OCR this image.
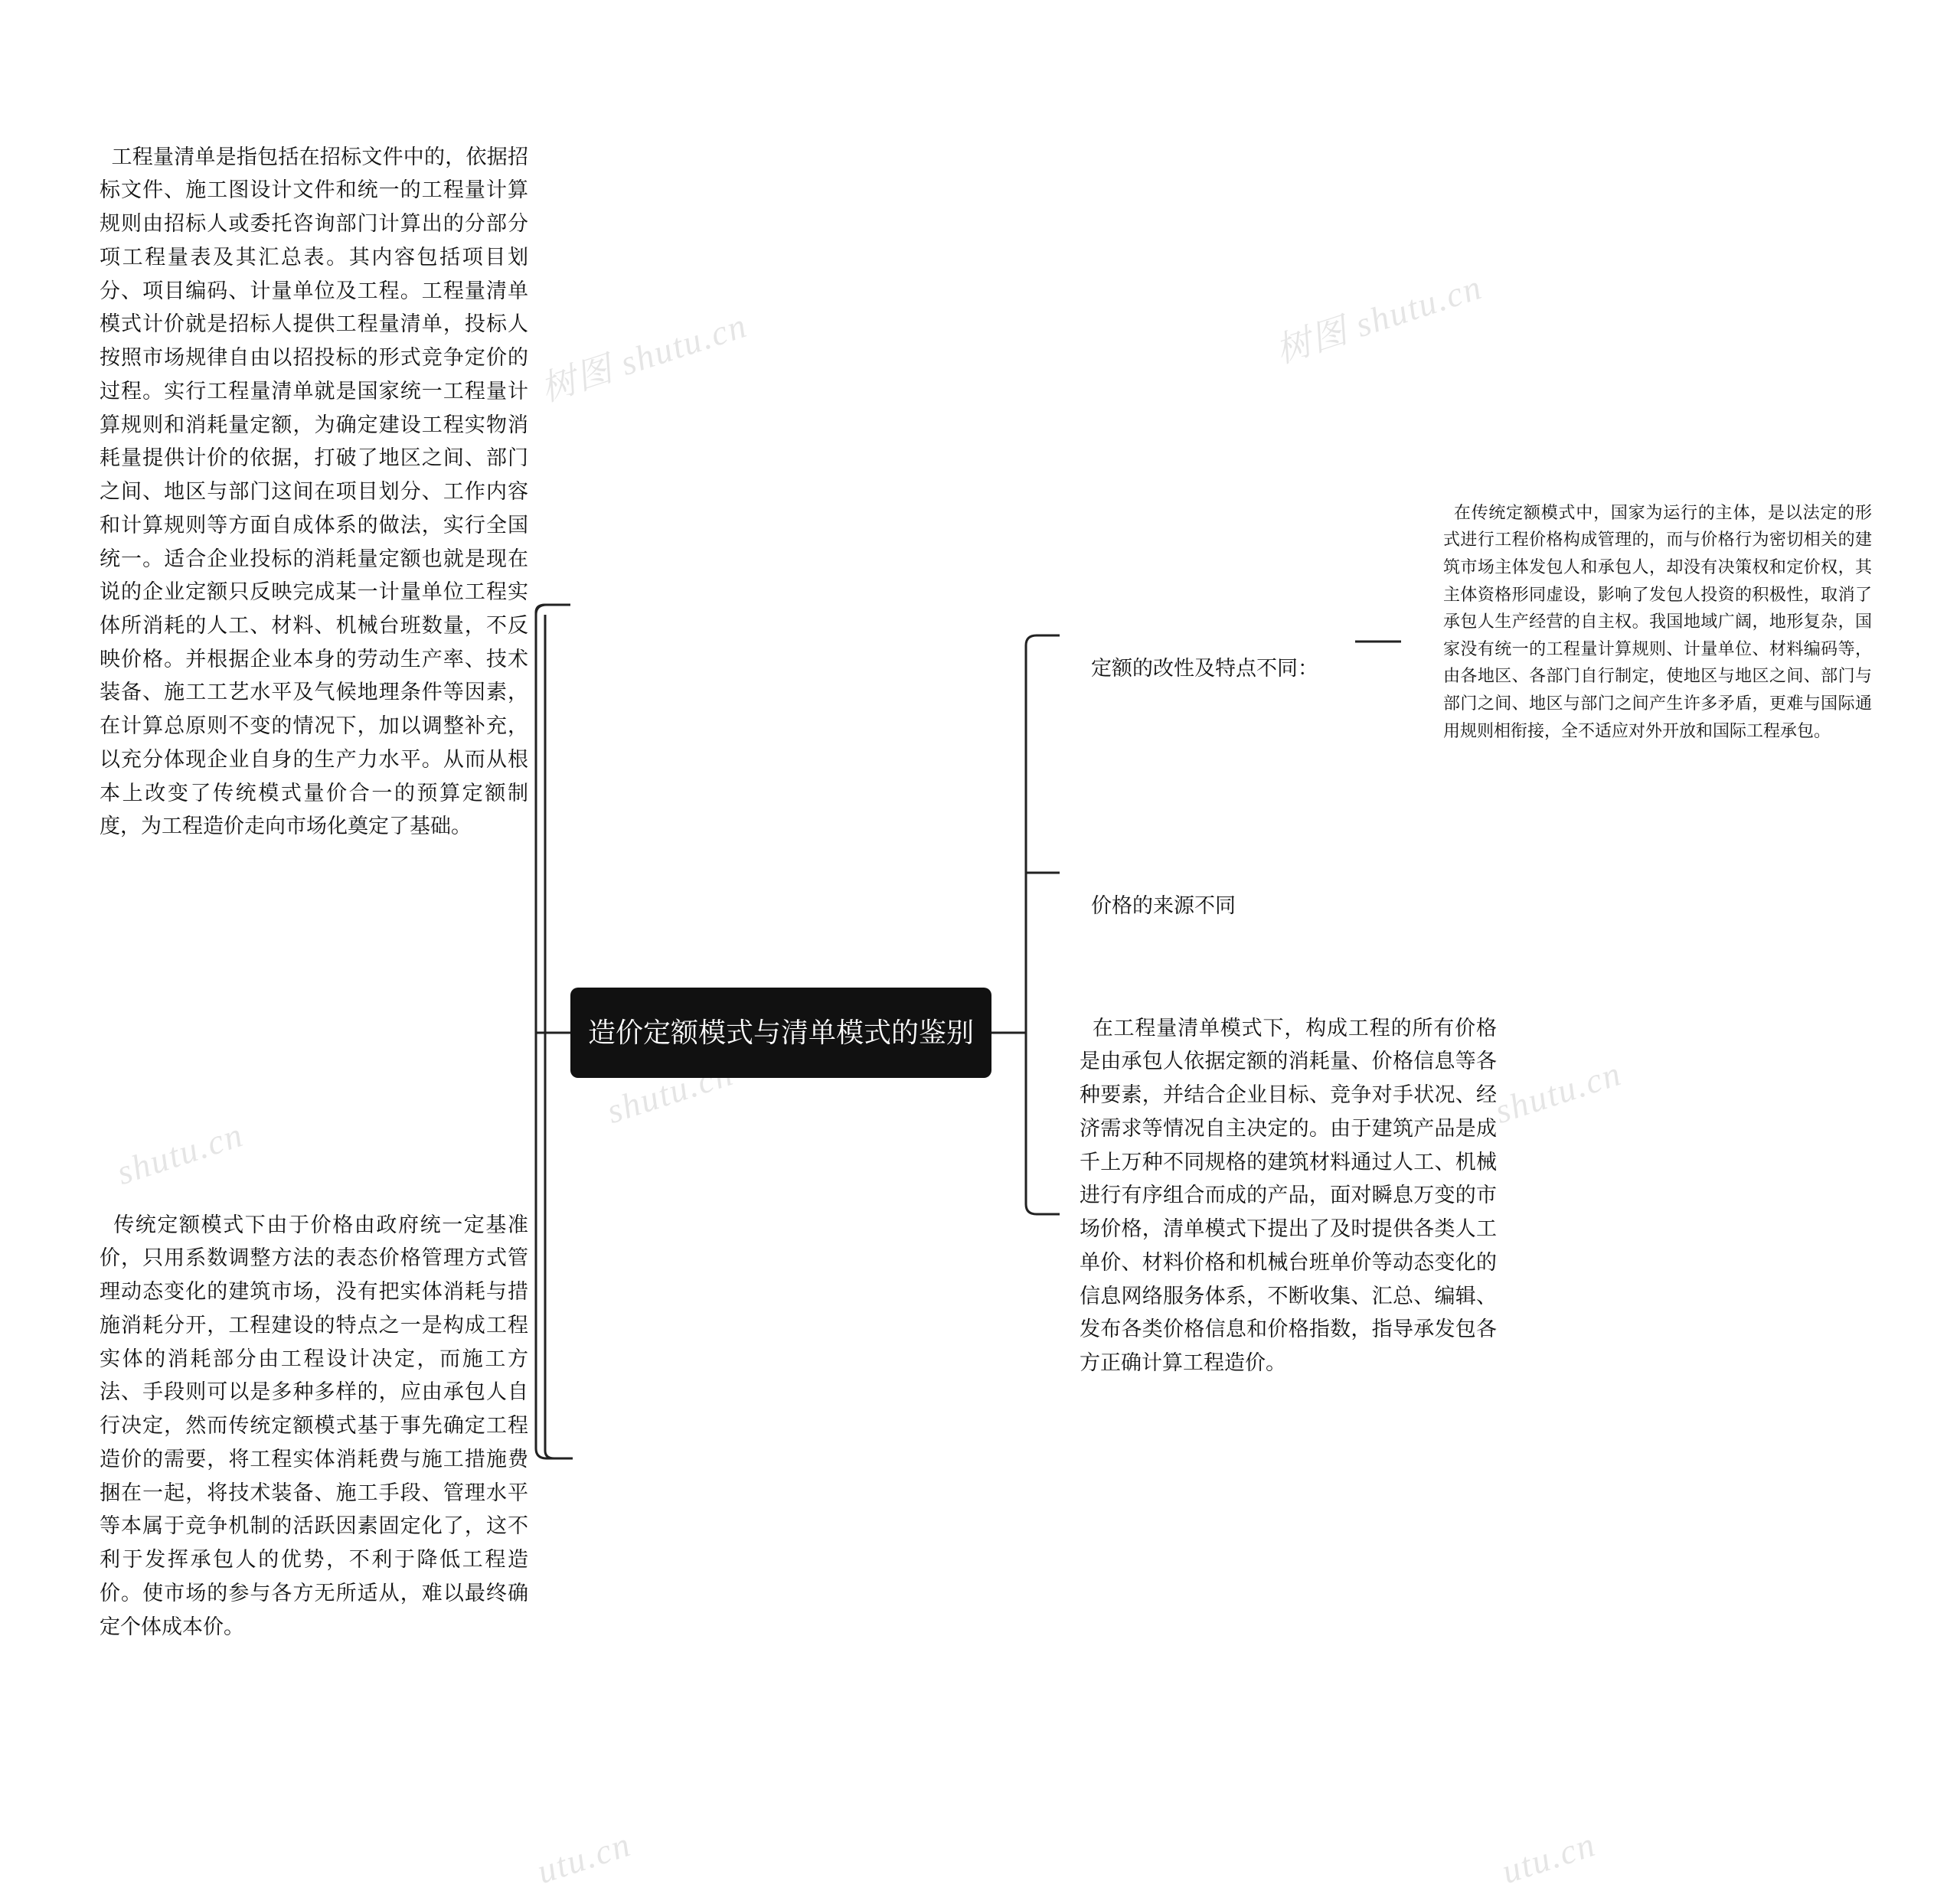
树图 shutu.cn	树图 shutu.cn
shutu.cn
shutu.cn	shutu.cn
utu.cn	utu.cn
造价定额模式与清单模式的鉴别

工程量清单是指包括在招标文件中的，依据招标文件、施工图设计文件和统一的工程量计算规则由招标人或委托咨询部门计算出的分部分项工程量表及其汇总表。其内容包括项目划分、项目编码、计量单位及工程。工程量清单模式计价就是招标人提供工程量清单，投标人按照市场规律自由以招投标的形式竞争定价的过程。实行工程量清单就是国家统一工程量计算规则和消耗量定额，为确定建设工程实物消耗量提供计价的依据，打破了地区之间、部门之间、地区与部门这间在项目划分、工作内容和计算规则等方面自成体系的做法，实行全国统一。适合企业投标的消耗量定额也就是现在说的企业定额只反映完成某一计量单位工程实体所消耗的人工、材料、机械台班数量，不反映价格。并根据企业本身的劳动生产率、技术装备、施工工艺水平及气候地理条件等因素，在计算总原则不变的情况下，加以调整补充，以充分体现企业自身的生产力水平。从而从根本上改变了传统模式量价合一的预算定额制度，为工程造价走向市场化奠定了基础。

传统定额模式下由于价格由政府统一定基准价，只用系数调整方法的表态价格管理方式管理动态变化的建筑市场，没有把实体消耗与措施消耗分开，工程建设的特点之一是构成工程实体的消耗部分由工程设计决定，而施工方法、手段则可以是多种多样的，应由承包人自行决定，然而传统定额模式基于事先确定工程造价的需要，将工程实体消耗费与施工措施费捆在一起，将技术装备、施工手段、管理水平等本属于竞争机制的活跃因素固定化了，这不利于发挥承包人的优势，不利于降低工程造价。使市场的参与各方无所适从，难以最终确定个体成本价。

定额的改性及特点不同：

在传统定额模式中，国家为运行的主体，是以法定的形式进行工程价格构成管理的，而与价格行为密切相关的建筑市场主体发包人和承包人，却没有决策权和定价权，其主体资格形同虚设，影响了发包人投资的积极性，取消了承包人生产经营的自主权。我国地域广阔，地形复杂，国家没有统一的工程量计算规则、计量单位、材料编码等，由各地区、各部门自行制定，使地区与地区之间、部门与部门之间、地区与部门之间产生许多矛盾，更难与国际通用规则相衔接，全不适应对外开放和国际工程承包。

价格的来源不同

在工程量清单模式下，构成工程的所有价格是由承包人依据定额的消耗量、价格信息等各种要素，并结合企业目标、竞争对手状况、经济需求等情况自主决定的。由于建筑产品是成千上万种不同规格的建筑材料通过人工、机械进行有序组合而成的产品，面对瞬息万变的市场价格，清单模式下提出了及时提供各类人工单价、材料价格和机械台班单价等动态变化的信息网络服务体系，不断收集、汇总、编辑、发布各类价格信息和价格指数，指导承发包各方正确计算工程造价。
